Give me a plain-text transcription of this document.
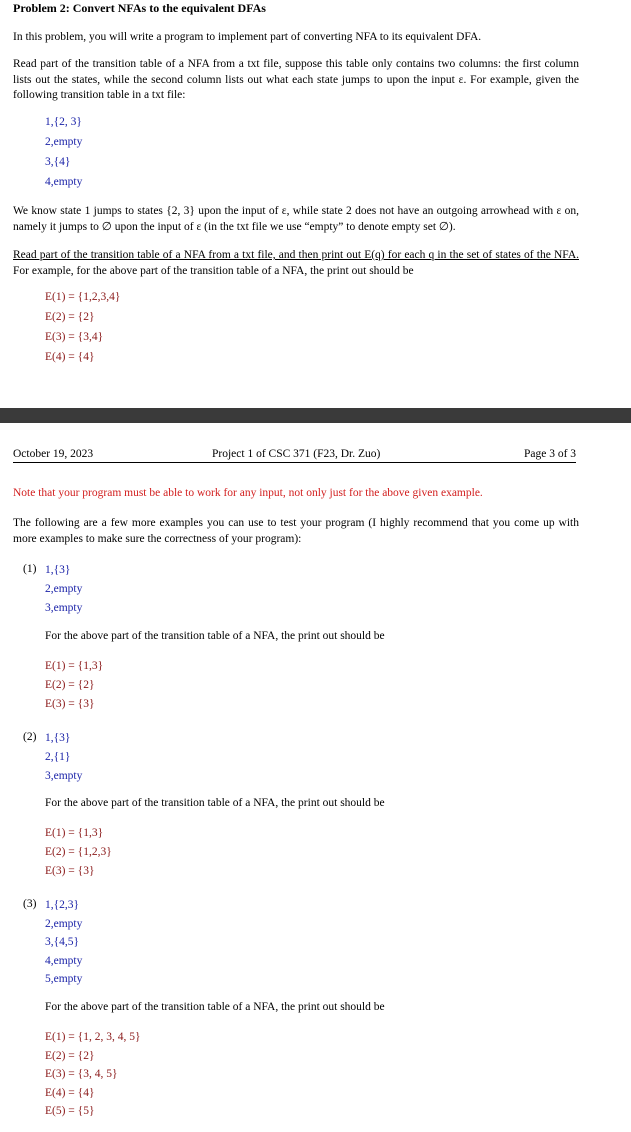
Problem 2: Convert NFAs to the equivalent DFAs
In this problem, you will write a program to implement part of converting NFA to its equivalent DFA.
Read part of the transition table of a NFA from a txt file, suppose this table only contains two columns: the first column lists out the states, while the second column lists out what each state jumps to upon the input ε. For example, given the following transition table in a txt file:
1,{2, 3}
2,empty
3,{4}
4,empty
We know state 1 jumps to states {2, 3} upon the input of ε, while state 2 does not have an outgoing arrowhead with ε on, namely it jumps to ∅ upon the input of ε (in the txt file we use “empty” to denote empty set ∅).
Read part of the transition table of a NFA from a txt file, and then print out E(q) for each q in the set of states of the NFA. For example, for the above part of the transition table of a NFA, the print out should be
E(1) = {1,2,3,4}
E(2) = {2}
E(3) = {3,4}
E(4) = {4}
October 19, 2023	Project 1 of CSC 371 (F23, Dr. Zuo)	Page 3 of 3
Note that your program must be able to work for any input, not only just for the above given example.
The following are a few more examples you can use to test your program (I highly recommend that you come up with more examples to make sure the correctness of your program):
(1) 1,{3}
2,empty
3,empty
For the above part of the transition table of a NFA, the print out should be
E(1) = {1,3}
E(2) = {2}
E(3) = {3}
(2) 1,{3}
2,{1}
3,empty
For the above part of the transition table of a NFA, the print out should be
E(1) = {1,3}
E(2) = {1,2,3}
E(3) = {3}
(3) 1,{2,3}
2,empty
3,{4,5}
4,empty
5,empty
For the above part of the transition table of a NFA, the print out should be
E(1) = {1, 2, 3, 4, 5}
E(2) = {2}
E(3) = {3, 4, 5}
E(4) = {4}
E(5) = {5}
